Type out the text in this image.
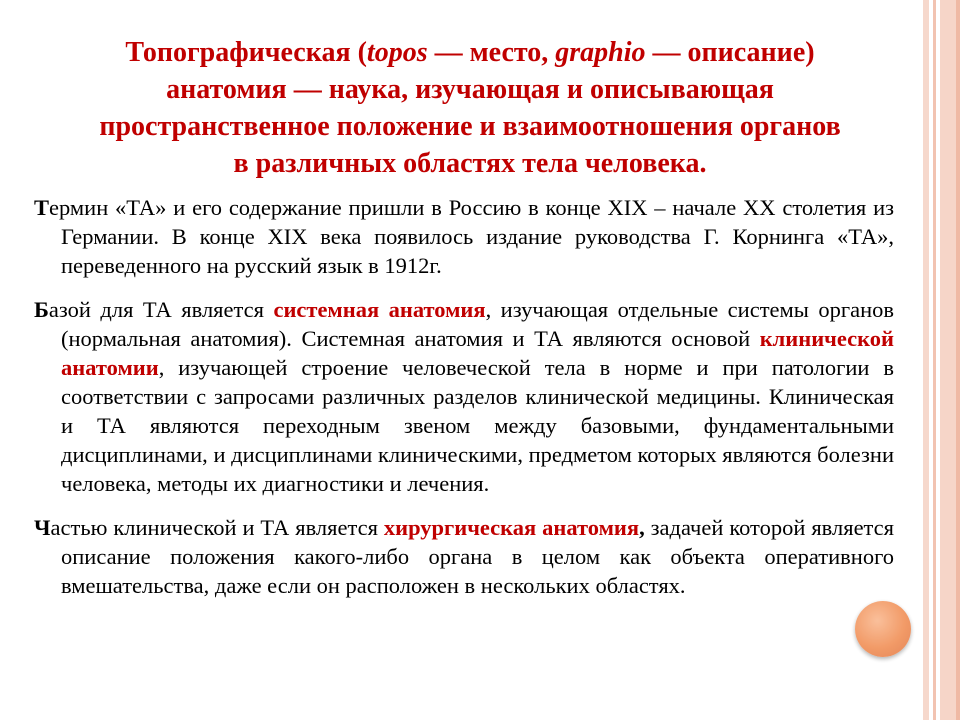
Топографическая (topos — место, graphio — описание)
анатомия — наука, изучающая и описывающая
пространственное положение и взаимоотношения органов
в различных областях тела человека.

Термин «ТА» и его содержание пришли в Россию в конце XIX – начале XX столетия из Германии. В конце XIX века появилось издание руководства Г. Корнинга «ТА», переведенного на русский язык в 1912г.

Базой для ТА является системная анатомия, изучающая отдельные системы органов (нормальная анатомия). Системная анатомия и ТА являются основой клинической анатомии, изучающей строение человеческой тела в норме и при патологии в соответствии с запросами различных разделов клинической медицины. Клиническая и ТА являются переходным звеном между базовыми, фундаментальными дисциплинами, и дисциплинами клиническими, предметом которых являются болезни человека, методы их диагностики и лечения.

Частью клинической и ТА является хирургическая анатомия, задачей которой является описание положения какого-либо органа в целом как объекта оперативного вмешательства, даже если он расположен в нескольких областях.
